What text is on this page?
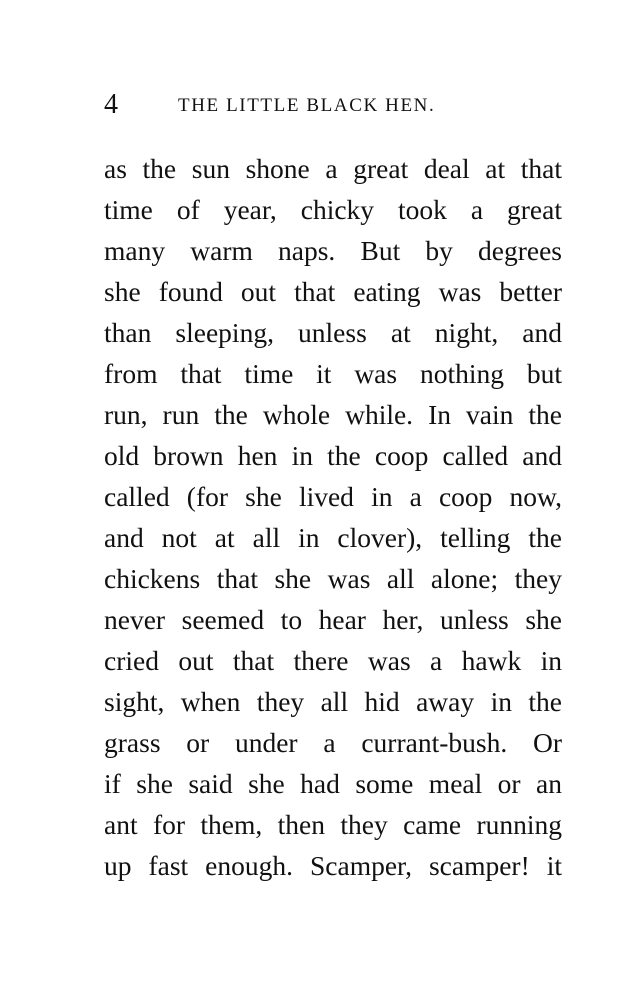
4	THE LITTLE BLACK HEN.
as the sun shone a great deal at that
time of year, chicky took a great
many warm naps. But by degrees
she found out that eating was better
than sleeping, unless at night, and
from that time it was nothing but
run, run the whole while. In vain the
old brown hen in the coop called and
called (for she lived in a coop now,
and not at all in clover), telling the
chickens that she was all alone; they
never seemed to hear her, unless she
cried out that there was a hawk in
sight, when they all hid away in the
grass or under a currant-bush. Or
if she said she had some meal or an
ant for them, then they came running
up fast enough. Scamper, scamper! it
